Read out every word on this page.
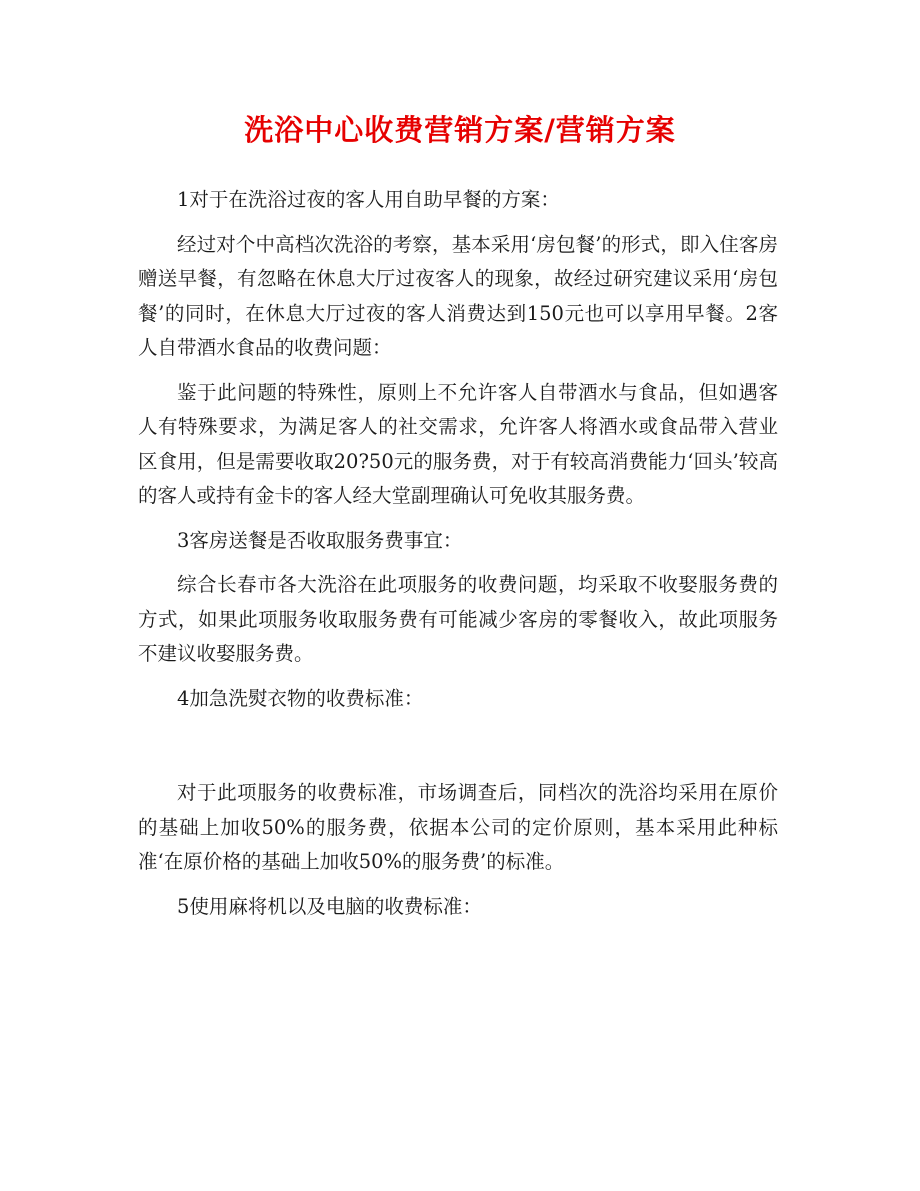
洗浴中心收费营销方案/营销方案

1对于在洗浴过夜的客人用自助早餐的方案：

经过对个中高档次洗浴的考察，基本采用‘房包餐’的形式，即入住客房赠送早餐，有忽略在休息大厅过夜客人的现象，故经过研究建议采用‘房包餐’的同时，在休息大厅过夜的客人消费达到150元也可以享用早餐。2客人自带酒水食品的收费问题：

鉴于此问题的特殊性，原则上不允许客人自带酒水与食品，但如遇客人有特殊要求，为满足客人的社交需求，允许客人将酒水或食品带入营业区食用，但是需要收取20?50元的服务费，对于有较高消费能力‘回头’较高的客人或持有金卡的客人经大堂副理确认可免收其服务费。

3客房送餐是否收取服务费事宜：

综合长春市各大洗浴在此项服务的收费问题，均采取不收娶服务费的方式，如果此项服务收取服务费有可能减少客房的零餐收入，故此项服务不建议收娶服务费。

4加急洗熨衣物的收费标准：

对于此项服务的收费标准，市场调查后，同档次的洗浴均采用在原价的基础上加收50%的服务费，依据本公司的定价原则，基本采用此种标准‘在原价格的基础上加收50%的服务费’的标准。

5使用麻将机以及电脑的收费标准：
